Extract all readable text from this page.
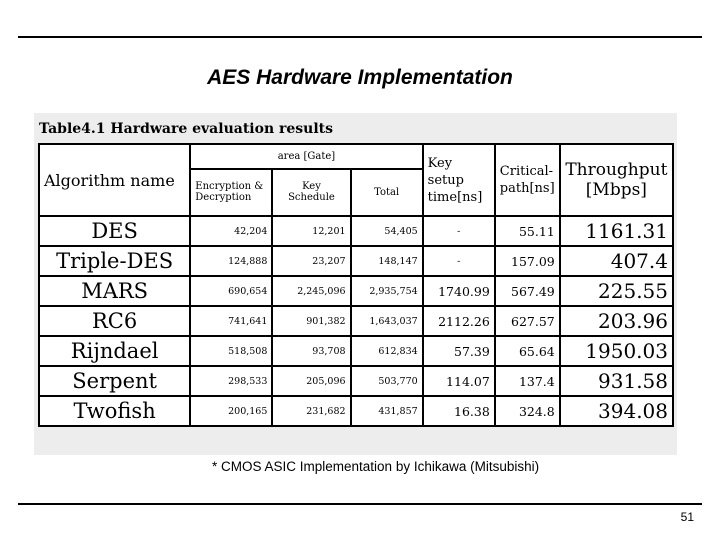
AES Hardware Implementation
Table4.1 Hardware evaluation results
Algorithm name	area [Gate]			Key setup time[ns]	Critical-path[ns]	Throughput [Mbps]
	Encryption & Decryption	Key Schedule	Total			
DES	42,204	12,201	54,405	-	55.11	1161.31
Triple-DES	124,888	23,207	148,147	-	157.09	407.4
MARS	690,654	2,245,096	2,935,754	1740.99	567.49	225.55
RC6	741,641	901,382	1,643,037	2112.26	627.57	203.96
Rijndael	518,508	93,708	612,834	57.39	65.64	1950.03
Serpent	298,533	205,096	503,770	114.07	137.4	931.58
Twofish	200,165	231,682	431,857	16.38	324.8	394.08
* CMOS ASIC Implementation by Ichikawa (Mitsubishi)
51
